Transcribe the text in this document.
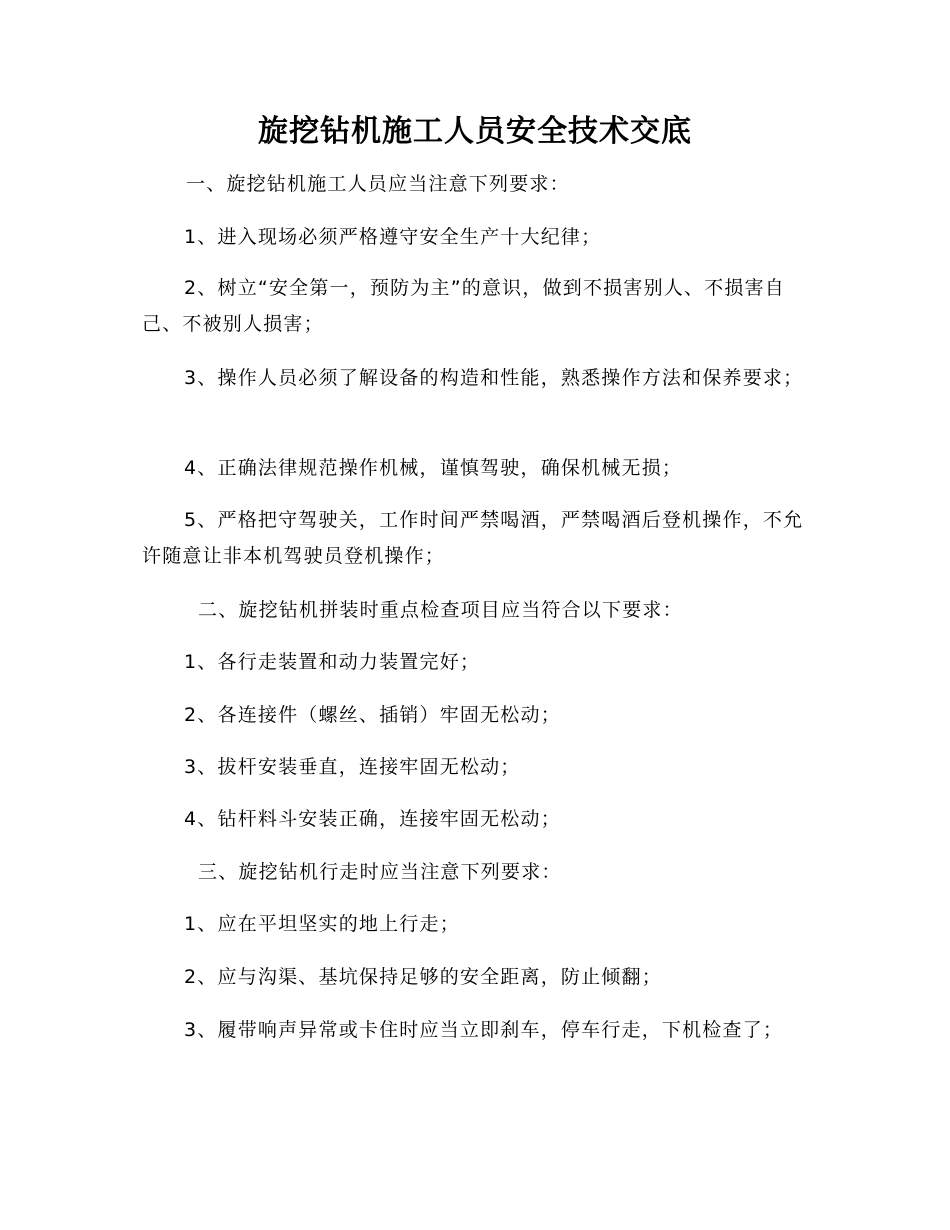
旋挖钻机施工人员安全技术交底

一、旋挖钻机施工人员应当注意下列要求：

1、进入现场必须严格遵守安全生产十大纪律；

2、树立“安全第一，预防为主”的意识，做到不损害别人、不损害自己、不被别人损害；

3、操作人员必须了解设备的构造和性能，熟悉操作方法和保养要求；

4、正确法律规范操作机械，谨慎驾驶，确保机械无损；

5、严格把守驾驶关，工作时间严禁喝酒，严禁喝酒后登机操作，不允许随意让非本机驾驶员登机操作；

二、旋挖钻机拼装时重点检查项目应当符合以下要求：

1、各行走装置和动力装置完好；

2、各连接件（螺丝、插销）牢固无松动；

3、拔杆安装垂直，连接牢固无松动；

4、钻杆料斗安装正确，连接牢固无松动；

三、旋挖钻机行走时应当注意下列要求：

1、应在平坦坚实的地上行走；

2、应与沟渠、基坑保持足够的安全距离，防止倾翻；

3、履带响声异常或卡住时应当立即刹车，停车行走，下机检查了；
